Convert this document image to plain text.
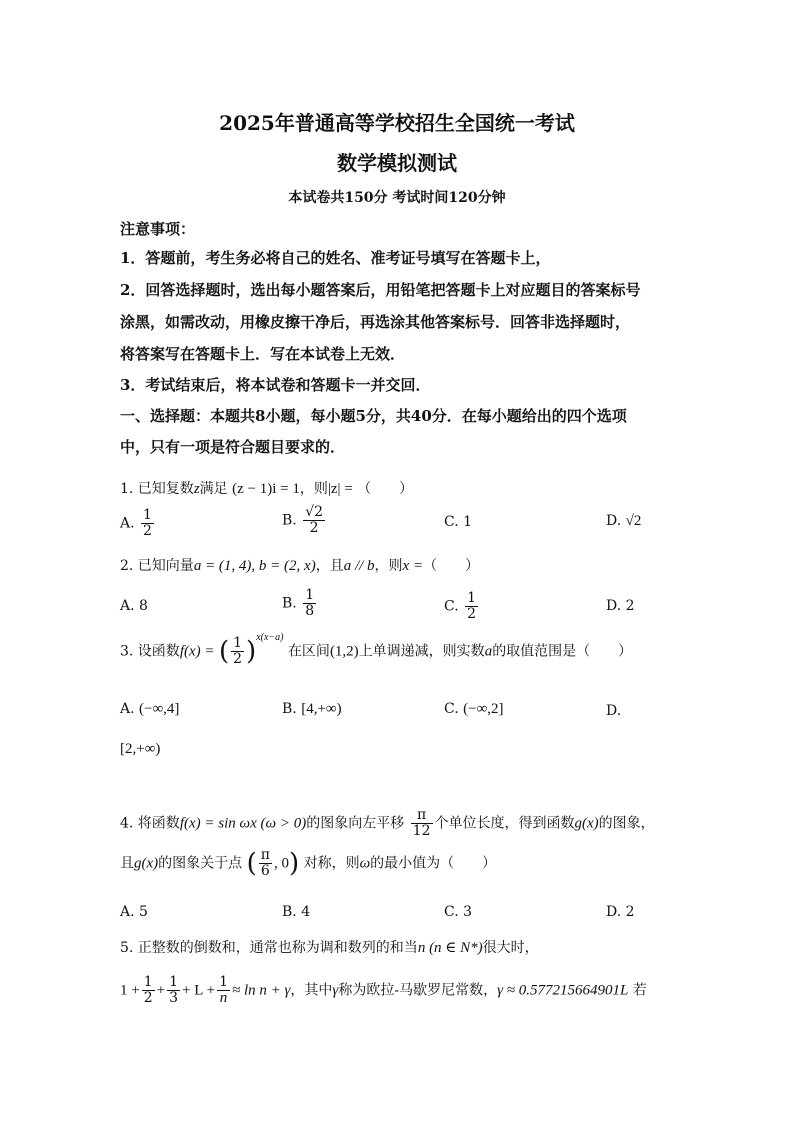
2025年普通高等学校招生全国统一考试
数学模拟测试
本试卷共150分 考试时间120分钟
注意事项：
1．答题前，考生务必将自己的姓名、准考证号填写在答题卡上，
2．回答选择题时，选出每小题答案后，用铅笔把答题卡上对应题目的答案标号
涂黑，如需改动，用橡皮擦干净后，再选涂其他答案标号．回答非选择题时，
将答案写在答题卡上．写在本试卷上无效．
3．考试结束后，将本试卷和答题卡一并交回．
一、选择题：本题共8小题，每小题5分，共40分．在每小题给出的四个选项
中，只有一项是符合题目要求的．
1. 已知复数z满足 (z − 1)i = 1，则|z| = （　　）
A. $\frac{1}{2}$	B. $\frac{√2}{2}$	C. 1	D. √2
2. 已知向量a = (1, 4), b = (2, x)，且a // b，则x =（　　）
A. 8	B. $\frac{1}{8}$	C. $\frac{1}{2}$	D. 2
3. 设函数f(x) = ( $\frac{1}{2} )^{x(x-a)}$ 在区间(1,2)上单调递减，则实数a的取值范围是（　　）
A. (−∞,4]	B. [4,+∞)	C. (−∞,2]	D.
[2,+∞)
4. 将函数f(x) = sin ωx (ω > 0)的图象向左平移 $\frac{\pi}{12}$ 个单位长度，得到函数g(x)的图象，
且g(x)的图象关于点 ( $\frac{\pi}{6}$ , 0) 对称，则ω的最小值为（　　）
A. 5	B. 4	C. 3	D. 2
5. 正整数的倒数和，通常也称为调和数列的和当n (n ∈ N*)很大时，
$1 + \frac{1}{2} + \frac{1}{3} + L + \frac{1}{n} \approx \ln n + \gamma$，其中γ称为欧拉-马歇罗尼常数，γ ≈ 0.577215664901L 若
